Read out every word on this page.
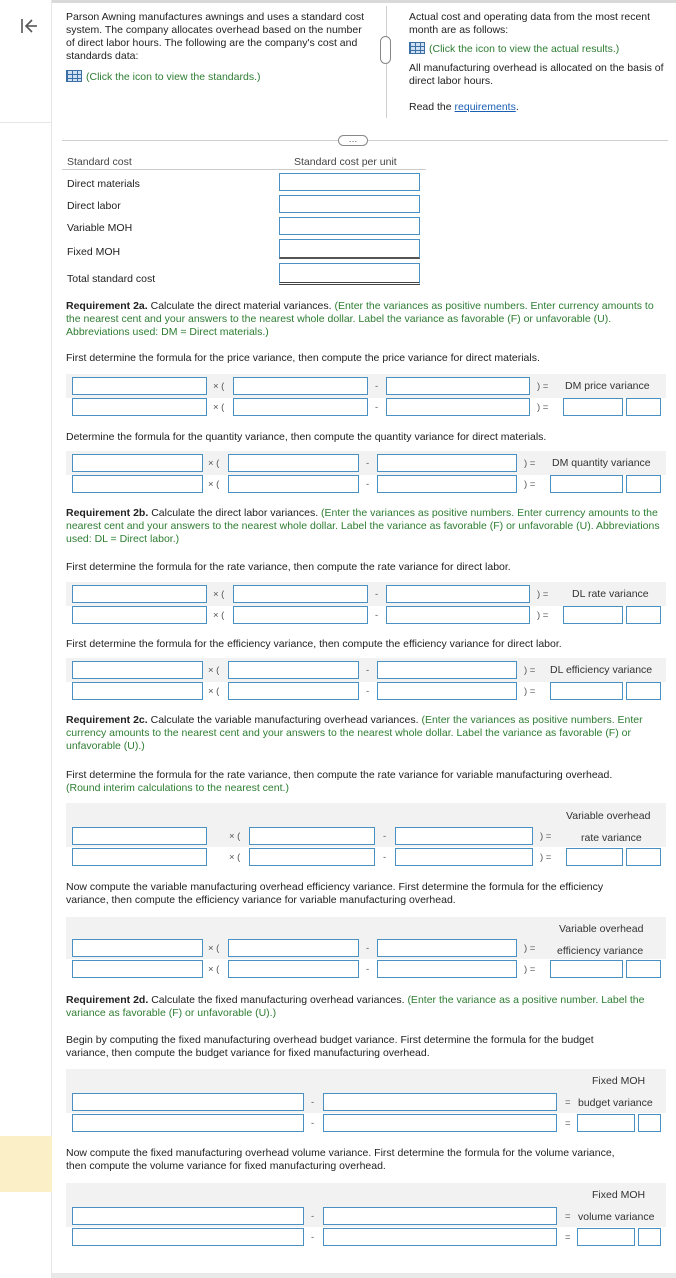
Parson Awning manufactures awnings and uses a standard cost system. The company allocates overhead based on the number of direct labor hours. The following are the company's cost and standards data:
(Click the icon to view the standards.)
Actual cost and operating data from the most recent month are as follows:
(Click the icon to view the actual results.)
All manufacturing overhead is allocated on the basis of direct labor hours.
Read the requirements.
…
Standard cost	Standard cost per unit
Direct materials
Direct labor
Variable MOH
Fixed MOH
Total standard cost
Requirement 2a. Calculate the direct material variances. (Enter the variances as positive numbers. Enter currency amounts to the nearest cent and your answers to the nearest whole dollar. Label the variance as favorable (F) or unfavorable (U). Abbreviations used: DM = Direct materials.)
First determine the formula for the price variance, then compute the price variance for direct materials.
× (	-	) = DM price variance
× (	-	) =
Determine the formula for the quantity variance, then compute the quantity variance for direct materials.
× (	-	) = DM quantity variance
× (	-	) =
Requirement 2b. Calculate the direct labor variances. (Enter the variances as positive numbers. Enter currency amounts to the nearest cent and your answers to the nearest whole dollar. Label the variance as favorable (F) or unfavorable (U). Abbreviations used: DL = Direct labor.)
First determine the formula for the rate variance, then compute the rate variance for direct labor.
× (	-	) = DL rate variance
× (	-	) =
First determine the formula for the efficiency variance, then compute the efficiency variance for direct labor.
× (	-	) = DL efficiency variance
× (	-	) =
Requirement 2c. Calculate the variable manufacturing overhead variances. (Enter the variances as positive numbers. Enter currency amounts to the nearest cent and your answers to the nearest whole dollar. Label the variance as favorable (F) or unfavorable (U).)
First determine the formula for the rate variance, then compute the rate variance for variable manufacturing overhead.
(Round interim calculations to the nearest cent.)
Variable overhead
rate variance
× (	-	) =
× (	-	) =
Now compute the variable manufacturing overhead efficiency variance. First determine the formula for the efficiency variance, then compute the efficiency variance for variable manufacturing overhead.
Variable overhead
efficiency variance
× (	-	) =
× (	-	) =
Requirement 2d. Calculate the fixed manufacturing overhead variances. (Enter the variance as a positive number. Label the variance as favorable (F) or unfavorable (U).)
Begin by computing the fixed manufacturing overhead budget variance. First determine the formula for the budget variance, then compute the budget variance for fixed manufacturing overhead.
Fixed MOH
-	= budget variance
-	=
Now compute the fixed manufacturing overhead volume variance. First determine the formula for the volume variance, then compute the volume variance for fixed manufacturing overhead.
Fixed MOH
-	= volume variance
-	=
